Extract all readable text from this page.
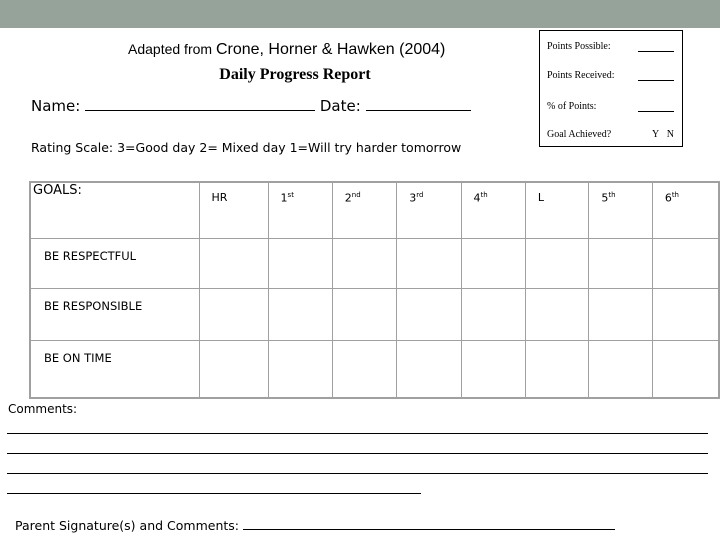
Adapted from Crone, Horner & Hawken (2004)
Daily Progress Report
Name:	Date:
Rating Scale: 3=Good day 2= Mixed day 1=Will try harder tomorrow
Points Possible:
Points Received:
% of Points:
Goal Achieved?	Y N
GOALS:	HR	1st	2nd	3rd	4th	L	5th	6th
BE RESPECTFUL								
BE RESPONSIBLE								
BE ON TIME								
Comments:
Parent Signature(s) and Comments:
